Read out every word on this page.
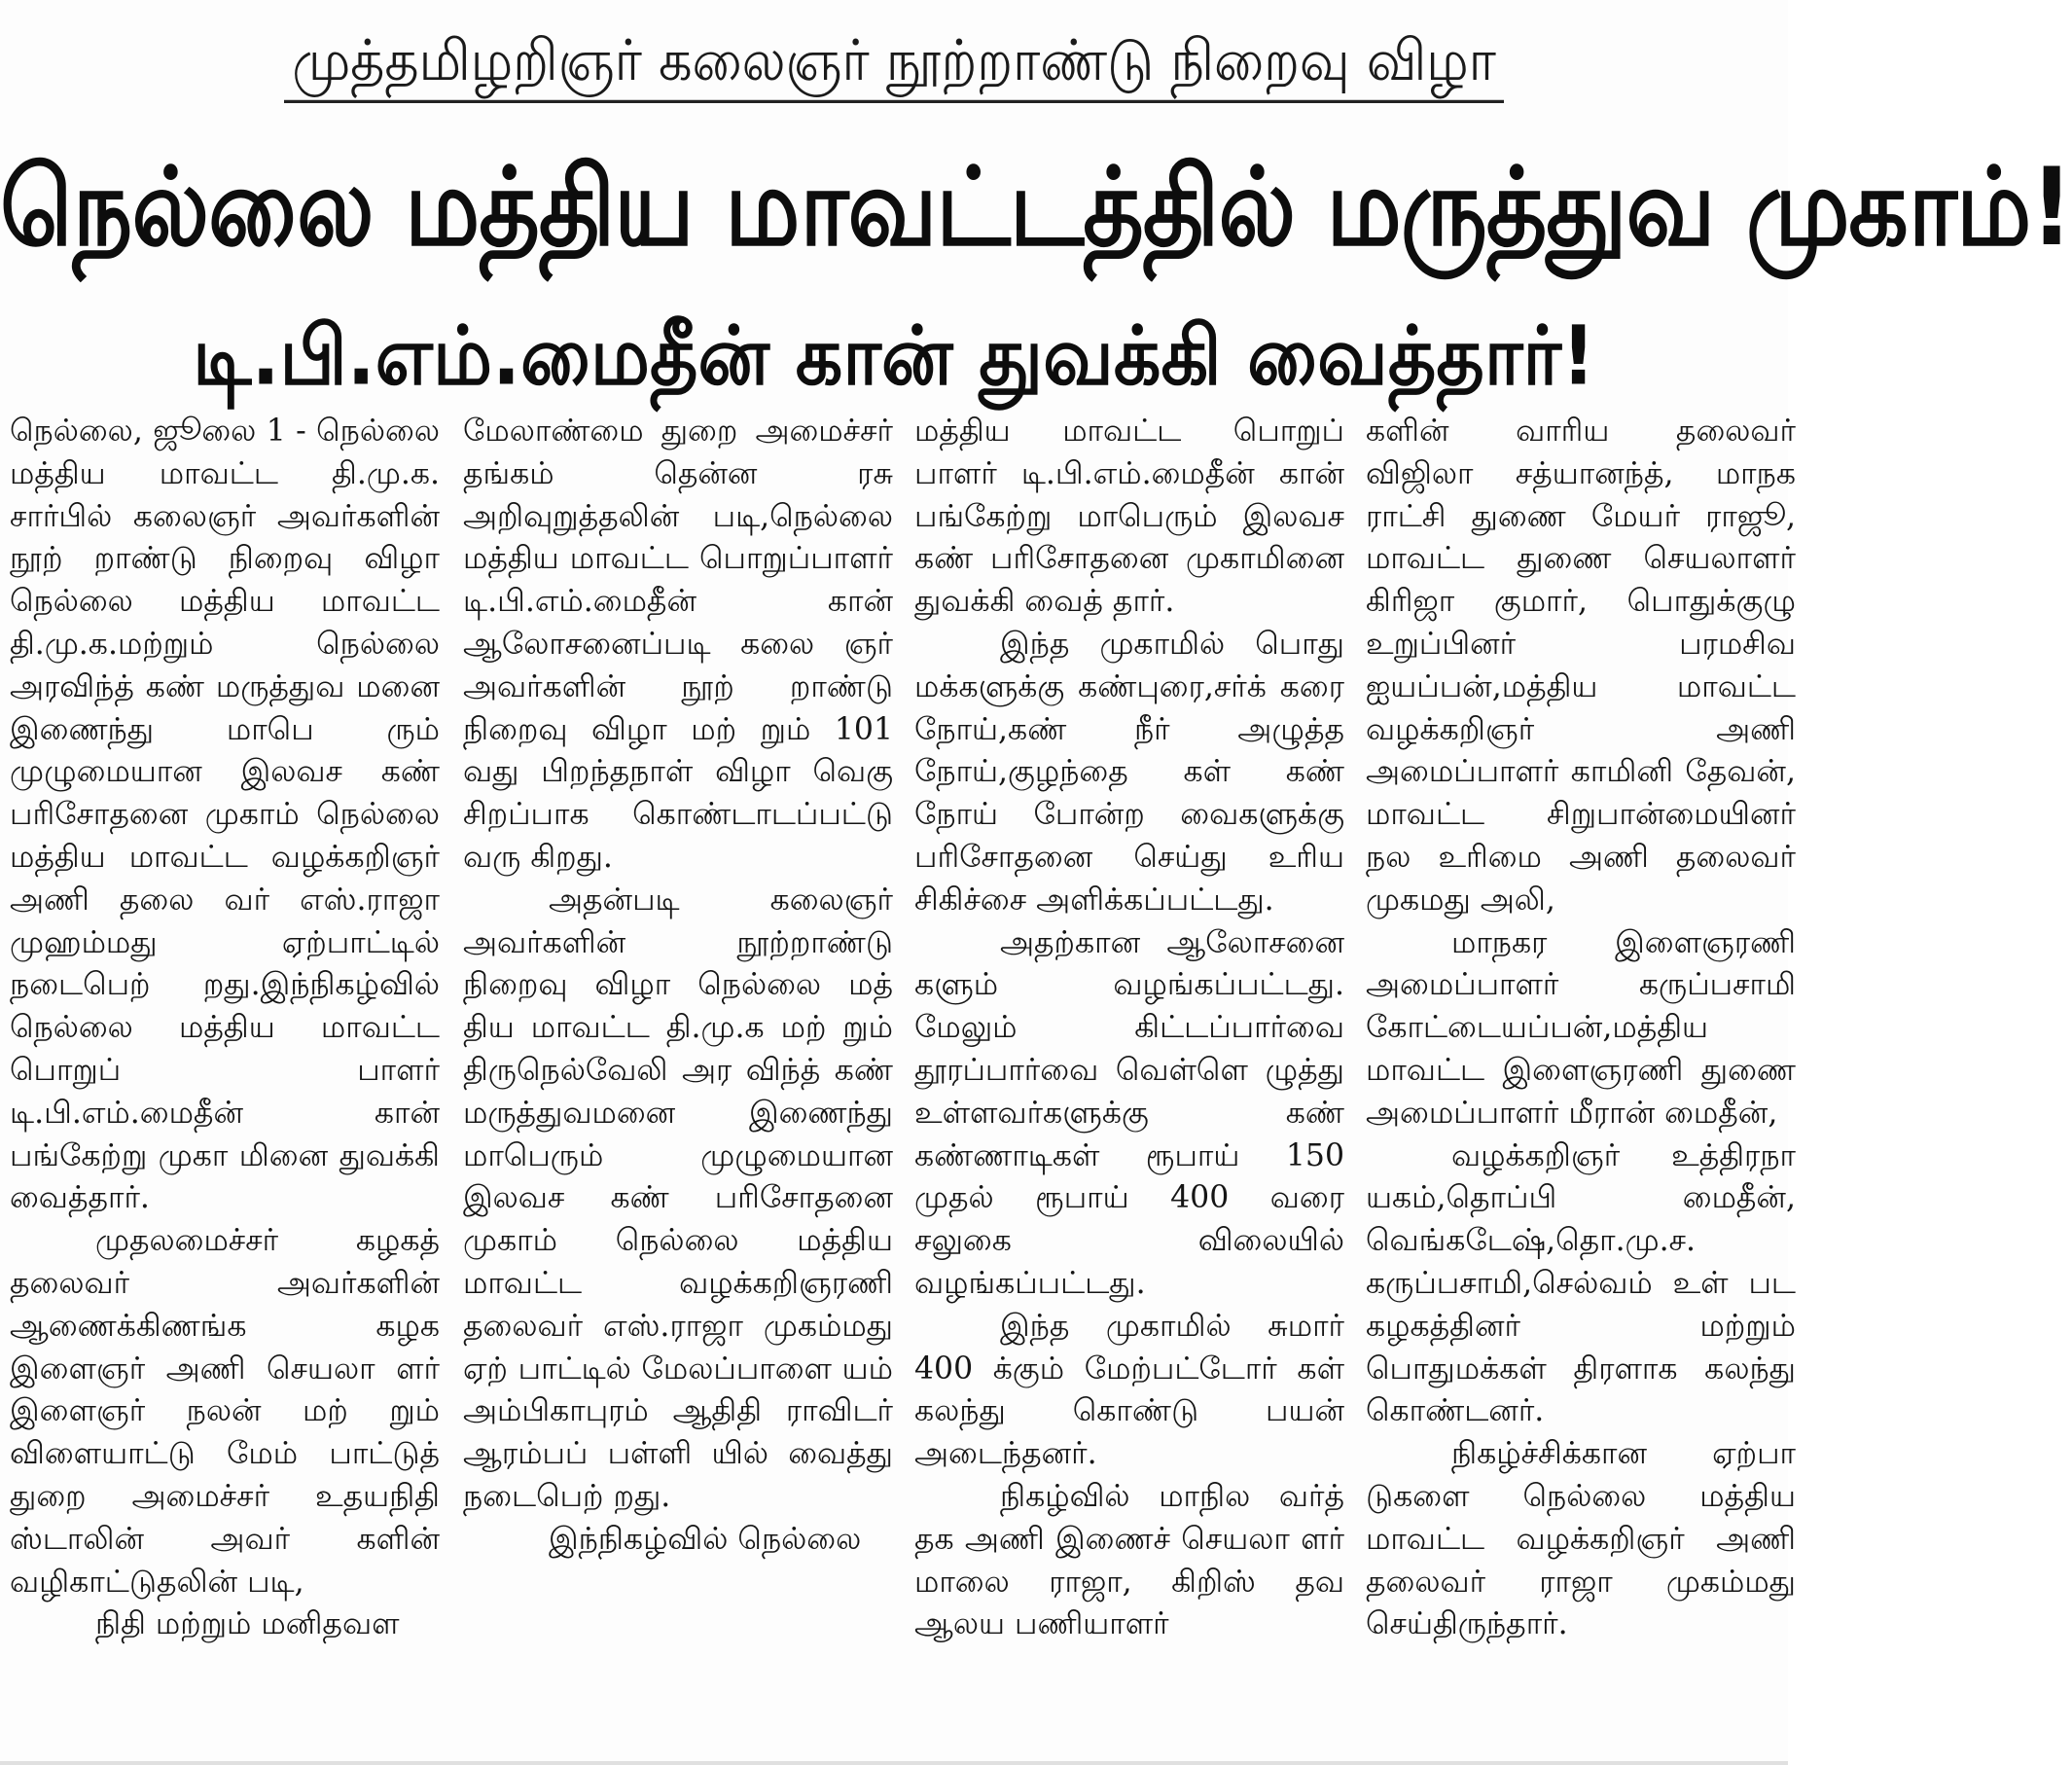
முத்தமிழறிஞர் கலைஞர் நூற்றாண்டு நிறைவு விழா
நெல்லை மத்திய மாவட்டத்தில் மருத்துவ முகாம்!
டி.பி.எம்.மைதீன் கான் துவக்கி வைத்தார்!

நெல்லை, ஜூலை 1 - நெல்லை மத்திய மாவட்ட தி.மு.க. சார்பில் கலைஞர் அவர்களின் நூற் றாண்டு நிறைவு விழா நெல்லை மத்திய மாவட்ட தி.மு.க.மற்றும் நெல்லை அரவிந்த் கண் மருத்துவ மனை இணைந்து மாபெ ரும் முழுமையான இலவச கண் பரிசோதனை முகாம் நெல்லை மத்திய மாவட்ட வழக்கறிஞர் அணி தலை வர் எஸ்.ராஜா முஹம்மது ஏற்பாட்டில் நடைபெற் றது.இந்நிகழ்வில் நெல்லை மத்திய மாவட்ட பொறுப் பாளர் டி.பி.எம்.மைதீன் கான் பங்கேற்று முகா மினை துவக்கி வைத்தார்.

முதலமைச்சர் கழகத் தலைவர் அவர்களின் ஆணைக்கிணங்க கழக இளைஞர் அணி செயலா ளர் இளைஞர் நலன் மற் றும் விளையாட்டு மேம் பாட்டுத் துறை அமைச்சர் உதயநிதி ஸ்டாலின் அவர் களின் வழிகாட்டுதலின் படி,

நிதி மற்றும் மனிதவள

மேலாண்மை துறை அமைச்சர் தங்கம் தென்ன ரசு அறிவுறுத்தலின் படி,நெல்லை மத்திய மாவட்ட பொறுப்பாளர் டி.பி.எம்.மைதீன் கான் ஆலோசனைப்படி கலை ஞர் அவர்களின் நூற் றாண்டு நிறைவு விழா மற் றும் 101 வது பிறந்தநாள் விழா வெகு சிறப்பாக கொண்டாடப்பட்டு வரு கிறது.

அதன்படி கலைஞர் அவர்களின் நூற்றாண்டு நிறைவு விழா நெல்லை மத் திய மாவட்ட தி.மு.க மற் றும் திருநெல்வேலி அர விந்த் கண் மருத்துவமனை இணைந்து மாபெரும் முழுமையான இலவச கண் பரிசோதனை முகாம் நெல்லை மத்திய மாவட்ட வழக்கறிஞரணி தலைவர் எஸ்.ராஜா முகம்மது ஏற் பாட்டில் மேலப்பாளை யம் அம்பிகாபுரம் ஆதிதி ராவிடர் ஆரம்பப் பள்ளி யில் வைத்து நடைபெற் றது.

இந்நிகழ்வில் நெல்லை

மத்திய மாவட்ட பொறுப் பாளர் டி.பி.எம்.மைதீன் கான் பங்கேற்று மாபெரும் இலவச கண் பரிசோதனை முகாமினை துவக்கி வைத் தார்.

இந்த முகாமில் பொது மக்களுக்கு கண்புரை,சர்க் கரை நோய்,கண் நீர் அழுத்த நோய்,குழந்தை கள் கண் நோய் போன்ற வைகளுக்கு பரிசோதனை செய்து உரிய சிகிச்சை அளிக்கப்பட்டது.

அதற்கான ஆலோசனை களும் வழங்கப்பட்டது. மேலும் கிட்டப்பார்வை தூரப்பார்வை வெள்ளெ ழுத்து உள்ளவர்களுக்கு கண் கண்ணாடிகள் ரூபாய் 150 முதல் ரூபாய் 400 வரை சலுகை விலையில் வழங்கப்பட்டது.

இந்த முகாமில் சுமார் 400 க்கும் மேற்பட்டோர் கள் கலந்து கொண்டு பயன் அடைந்தனர்.

நிகழ்வில் மாநில வர்த் தக அணி இணைச் செயலா ளர் மாலை ராஜா, கிறிஸ் தவ ஆலய பணியாளர்

களின் வாரிய தலைவர் விஜிலா சத்யானந்த், மாநக ராட்சி துணை மேயர் ராஜூ, மாவட்ட துணை செயலாளர் கிரிஜா குமார், பொதுக்குழு உறுப்பினர் பரமசிவ ஐயப்பன்,மத்திய மாவட்ட வழக்கறிஞர் அணி அமைப்பாளர் காமினி தேவன், மாவட்ட சிறுபான்மையினர் நல உரிமை அணி தலைவர் முகமது அலி,

மாநகர இளைஞரணி அமைப்பாளர் கருப்பசாமி கோட்டையப்பன்,மத்திய மாவட்ட இளைஞரணி துணை அமைப்பாளர் மீரான் மைதீன்,

வழக்கறிஞர் உத்திரநா யகம்,தொப்பி மைதீன், வெங்கடேஷ்,தொ.மு.ச. கருப்பசாமி,செல்வம் உள் பட கழகத்தினர் மற்றும் பொதுமக்கள் திரளாக கலந்து கொண்டனர்.

நிகழ்ச்சிக்கான ஏற்பா டுகளை நெல்லை மத்திய மாவட்ட வழக்கறிஞர் அணி தலைவர் ராஜா முகம்மது செய்திருந்தார்.
